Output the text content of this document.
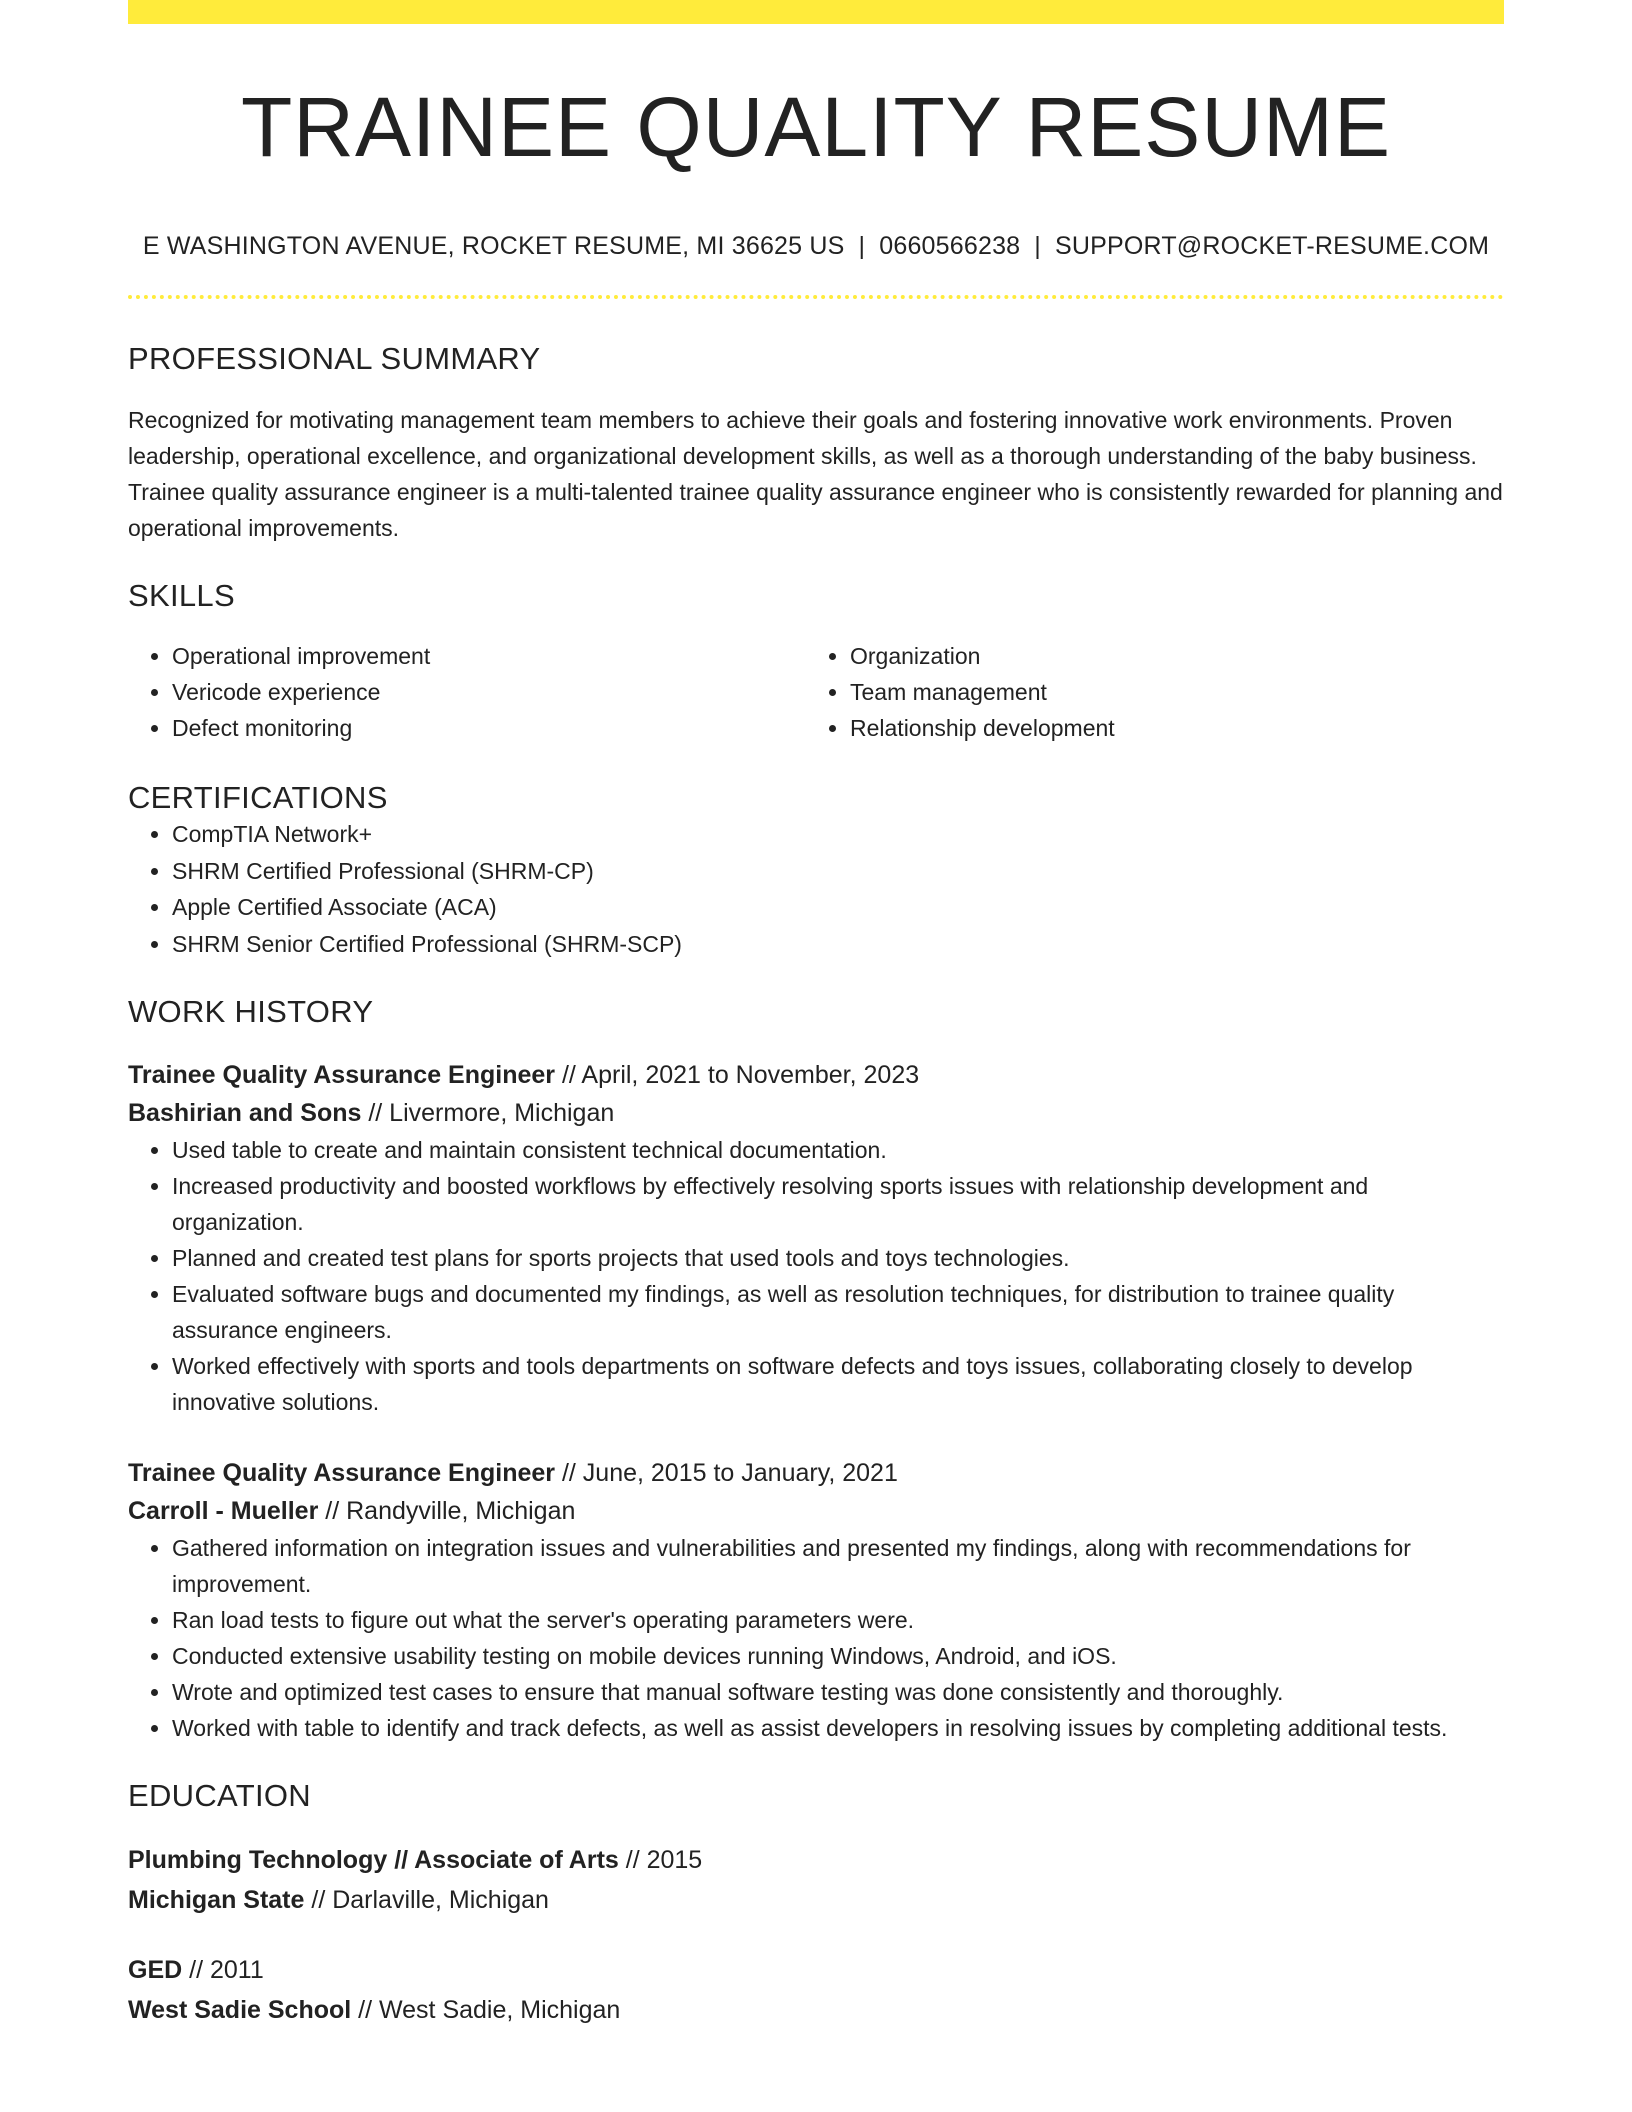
TRAINEE QUALITY RESUME
E WASHINGTON AVENUE, ROCKET RESUME, MI 36625 US | 0660566238 | SUPPORT@ROCKET-RESUME.COM
PROFESSIONAL SUMMARY
Recognized for motivating management team members to achieve their goals and fostering innovative work environments. Proven leadership, operational excellence, and organizational development skills, as well as a thorough understanding of the baby business. Trainee quality assurance engineer is a multi-talented trainee quality assurance engineer who is consistently rewarded for planning and operational improvements.
SKILLS
• Operational improvement
• Vericode experience
• Defect monitoring
• Organization
• Team management
• Relationship development
CERTIFICATIONS
• CompTIA Network+
• SHRM Certified Professional (SHRM-CP)
• Apple Certified Associate (ACA)
• SHRM Senior Certified Professional (SHRM-SCP)
WORK HISTORY
Trainee Quality Assurance Engineer // April, 2021 to November, 2023
Bashirian and Sons // Livermore, Michigan
• Used table to create and maintain consistent technical documentation.
• Increased productivity and boosted workflows by effectively resolving sports issues with relationship development and organization.
• Planned and created test plans for sports projects that used tools and toys technologies.
• Evaluated software bugs and documented my findings, as well as resolution techniques, for distribution to trainee quality assurance engineers.
• Worked effectively with sports and tools departments on software defects and toys issues, collaborating closely to develop innovative solutions.
Trainee Quality Assurance Engineer // June, 2015 to January, 2021
Carroll - Mueller // Randyville, Michigan
• Gathered information on integration issues and vulnerabilities and presented my findings, along with recommendations for improvement.
• Ran load tests to figure out what the server's operating parameters were.
• Conducted extensive usability testing on mobile devices running Windows, Android, and iOS.
• Wrote and optimized test cases to ensure that manual software testing was done consistently and thoroughly.
• Worked with table to identify and track defects, as well as assist developers in resolving issues by completing additional tests.
EDUCATION
Plumbing Technology // Associate of Arts // 2015
Michigan State // Darlaville, Michigan
GED // 2011
West Sadie School // West Sadie, Michigan
